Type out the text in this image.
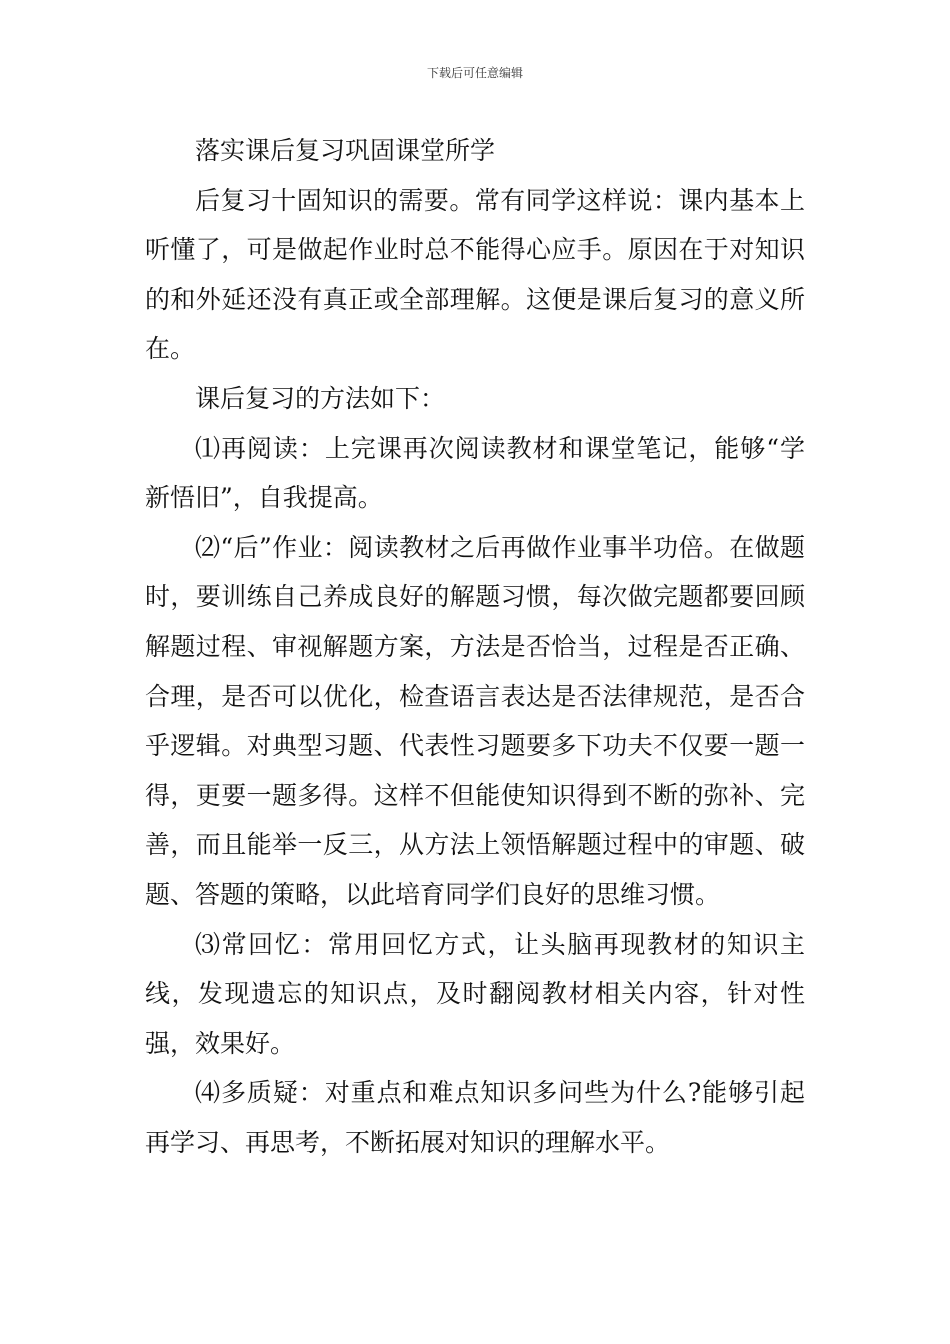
下载后可任意编辑

落实课后复习巩固课堂所学

后复习十固知识的需要。常有同学这样说：课内基本上听懂了，可是做起作业时总不能得心应手。原因在于对知识的和外延还没有真正或全部理解。这便是课后复习的意义所在。

课后复习的方法如下：

⑴再阅读：上完课再次阅读教材和课堂笔记，能够“学新悟旧”，自我提高。

⑵“后”作业：阅读教材之后再做作业事半功倍。在做题时，要训练自己养成良好的解题习惯，每次做完题都要回顾解题过程、审视解题方案，方法是否恰当，过程是否正确、合理，是否可以优化，检查语言表达是否法律规范，是否合乎逻辑。对典型习题、代表性习题要多下功夫不仅要一题一得，更要一题多得。这样不但能使知识得到不断的弥补、完善，而且能举一反三，从方法上领悟解题过程中的审题、破题、答题的策略，以此培育同学们良好的思维习惯。

⑶常回忆：常用回忆方式，让头脑再现教材的知识主线，发现遗忘的知识点，及时翻阅教材相关内容，针对性强，效果好。

⑷多质疑：对重点和难点知识多问些为什么?能够引起再学习、再思考，不断拓展对知识的理解水平。
